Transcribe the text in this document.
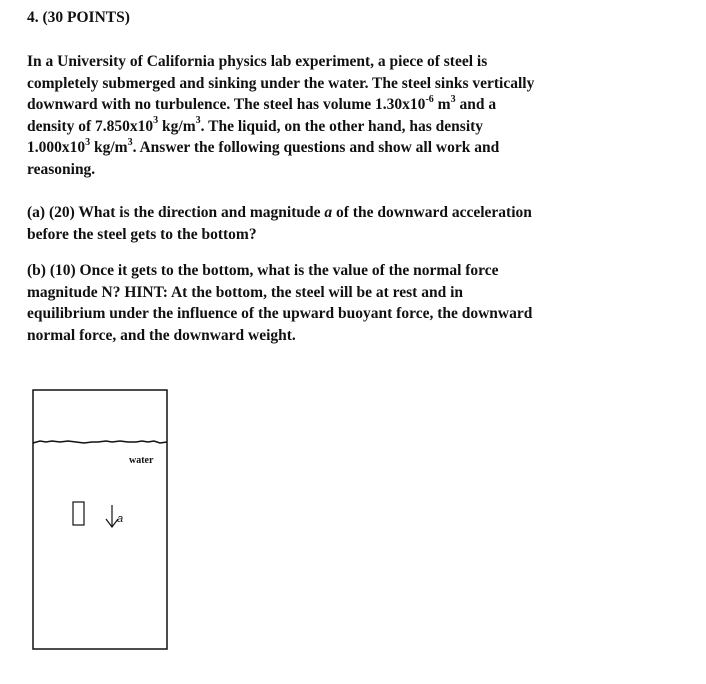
4. (30 POINTS)
In a University of California physics lab experiment, a piece of steel is
completely submerged and sinking under the water. The steel sinks vertically
downward with no turbulence. The steel has volume $1.30x10^{-6}$ $m^3$ and a
density of $7.850x10^3$ $kg/m^3$. The liquid, on the other hand, has density
$1.000x10^3$ $kg/m^3$. Answer the following questions and show all work and
reasoning.
(a) (20) What is the direction and magnitude a of the downward acceleration
before the steel gets to the bottom?
(b) (10) Once it gets to the bottom, what is the value of the normal force
magnitude N? HINT: At the bottom, the steel will be at rest and in
equilibrium under the influence of the upward buoyant force, the downward
normal force, and the downward weight.
water
a
